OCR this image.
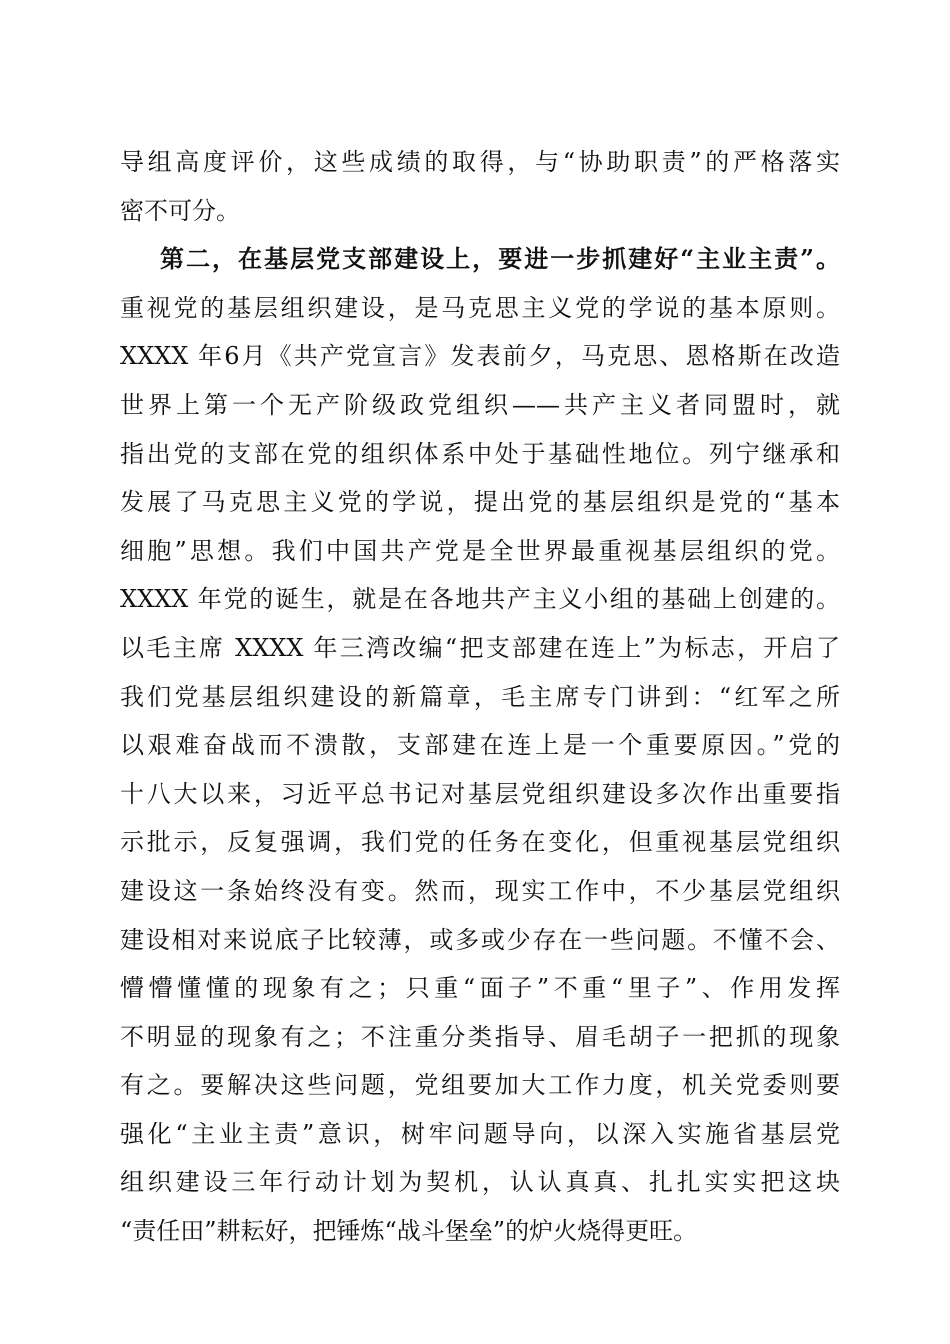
导组高度评价，这些成绩的取得，与“协助职责”的严格落实
密不可分。
第二，在基层党支部建设上，要进一步抓建好“主业主责”。
重视党的基层组织建设，是马克思主义党的学说的基本原则。
XXXX 年6月《共产党宣言》发表前夕，马克思、恩格斯在改造
世界上第一个无产阶级政党组织——共产主义者同盟时，就
指出党的支部在党的组织体系中处于基础性地位。列宁继承和
发展了马克思主义党的学说，提出党的基层组织是党的“基本
细胞”思想。我们中国共产党是全世界最重视基层组织的党。
XXXX 年党的诞生，就是在各地共产主义小组的基础上创建的。
以毛主席 XXXX 年三湾改编“把支部建在连上”为标志，开启了
我们党基层组织建设的新篇章，毛主席专门讲到：“红军之所
以艰难奋战而不溃散，支部建在连上是一个重要原因。”党的
十八大以来，习近平总书记对基层党组织建设多次作出重要指
示批示，反复强调，我们党的任务在变化，但重视基层党组织
建设这一条始终没有变。然而，现实工作中，不少基层党组织
建设相对来说底子比较薄，或多或少存在一些问题。不懂不会、
懵懵懂懂的现象有之；只重“面子”不重“里子”、作用发挥
不明显的现象有之；不注重分类指导、眉毛胡子一把抓的现象
有之。要解决这些问题，党组要加大工作力度，机关党委则要
强化“主业主责”意识，树牢问题导向，以深入实施省基层党
组织建设三年行动计划为契机，认认真真、扎扎实实把这块
“责任田”耕耘好，把锤炼“战斗堡垒”的炉火烧得更旺。
